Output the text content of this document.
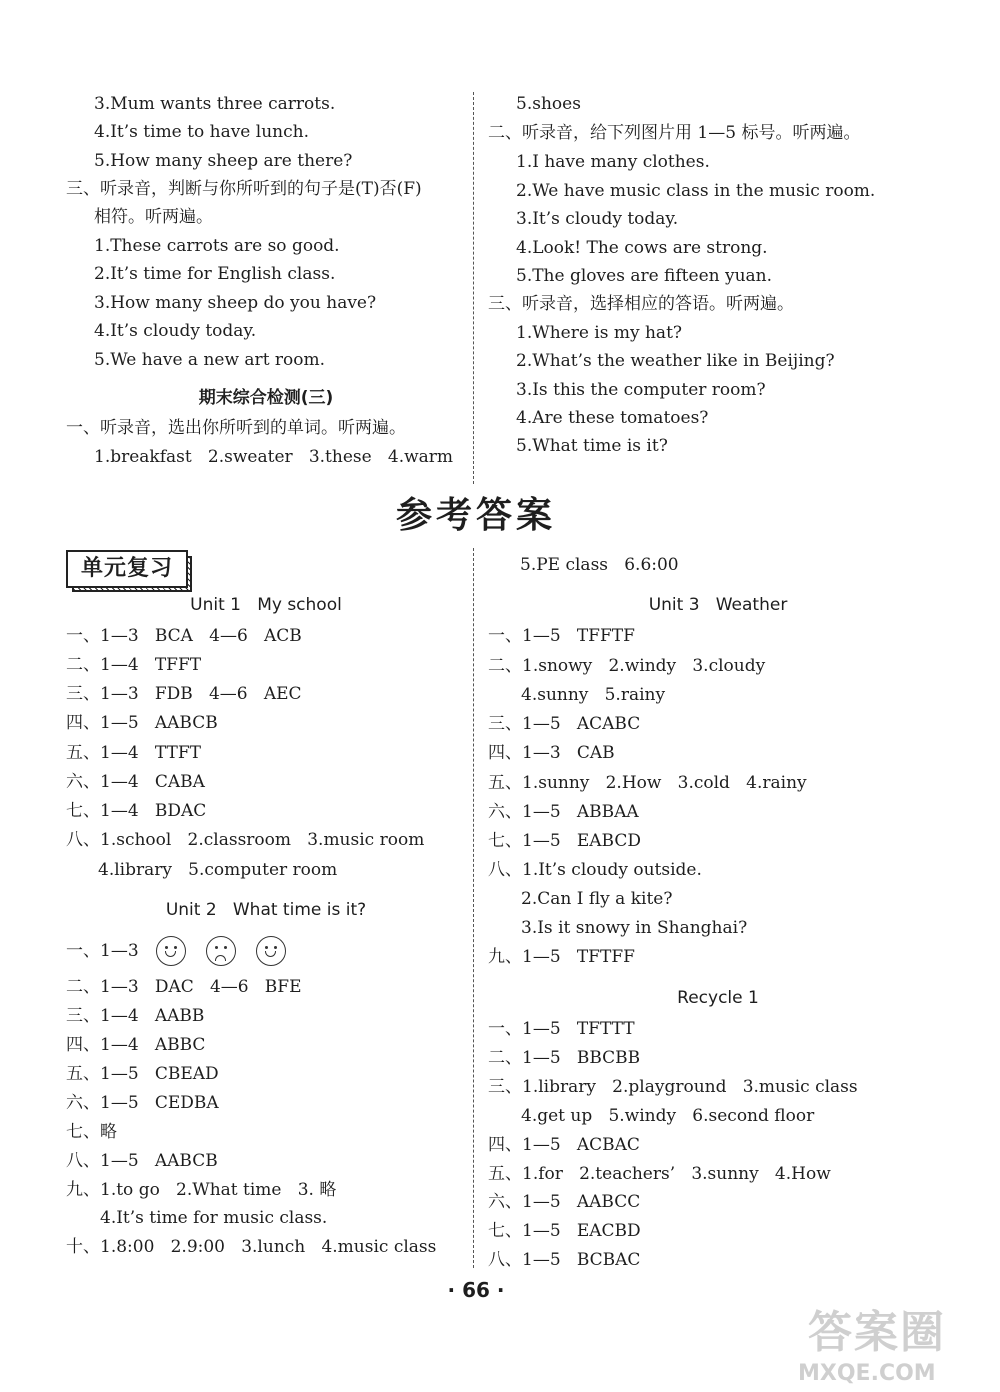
3.Mum wants three carrots.
4.It’s time to have lunch.
5.How many sheep are there?
三、听录音，判断与你所听到的句子是(T)否(F)
相符。听两遍。
1.These carrots are so good.
2.It’s time for English class.
3.How many sheep do you have?
4.It’s cloudy today.
5.We have a new art room.
期末综合检测(三)
一、听录音，选出你所听到的单词。听两遍。
1.breakfast   2.sweater   3.these   4.warm
5.shoes
二、听录音，给下列图片用 1—5 标号。听两遍。
1.I have many clothes.
2.We have music class in the music room.
3.It’s cloudy today.
4.Look! The cows are strong.
5.The gloves are fifteen yuan.
三、听录音，选择相应的答语。听两遍。
1.Where is my hat?
2.What’s the weather like in Beijing?
3.Is this the computer room?
4.Are these tomatoes?
5.What time is it?
参考答案
单元复习
Unit 1   My school
一、1—3   BCA   4—6   ACB
二、1—4   TFFT
三、1—3   FDB   4—6   AEC
四、1—5   AABCB
五、1—4   TTFT
六、1—4   CABA
七、1—4   BDAC
八、1.school   2.classroom   3.music room
4.library   5.computer room
Unit 2   What time is it?
一、1—3
二、1—3   DAC   4—6   BFE
三、1—4   AABB
四、1—4   ABBC
五、1—5   CBEAD
六、1—5   CEDBA
七、略
八、1—5   AABCB
九、1.to go   2.What time   3. 略
4.It’s time for music class.
十、1.8:00   2.9:00   3.lunch   4.music class
5.PE class   6.6:00
Unit 3   Weather
一、1—5   TFFTF
二、1.snowy   2.windy   3.cloudy
4.sunny   5.rainy
三、1—5   ACABC
四、1—3   CAB
五、1.sunny   2.How   3.cold   4.rainy
六、1—5   ABBAA
七、1—5   EABCD
八、1.It’s cloudy outside.
2.Can I fly a kite?
3.Is it snowy in Shanghai?
九、1—5   TFTFF
Recycle 1
一、1—5   TFTTT
二、1—5   BBCBB
三、1.library   2.playground   3.music class
4.get up   5.windy   6.second floor
四、1—5   ACBAC
五、1.for   2.teachers’   3.sunny   4.How
六、1—5   AABCC
七、1—5   EACBD
八、1—5   BCBAC
· 66 ·
答案圈
MXQE.COM
